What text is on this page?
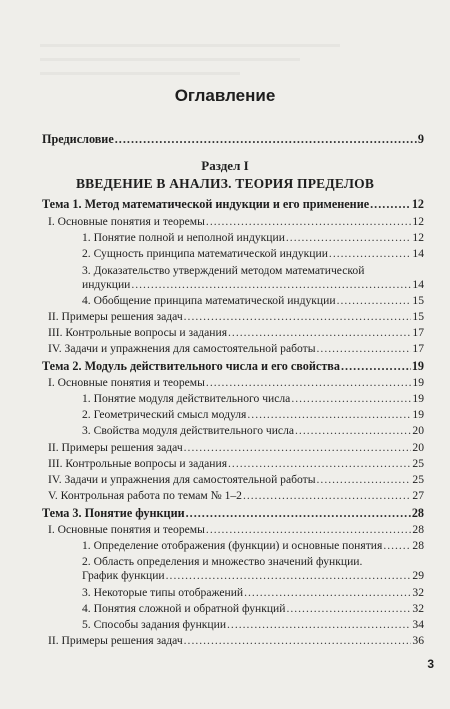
Оглавление
Предисловие .....	9
Раздел I
ВВЕДЕНИЕ В АНАЛИЗ. ТЕОРИЯ ПРЕДЕЛОВ
Тема 1. Метод математической индукции и его применение .....	12
I. Основные понятия и теоремы .....	12
1. Понятие полной и неполной индукции .....	12
2. Сущность принципа математической индукции .....	14
3. Доказательство утверждений методом математической
индукции .....	14
4. Обобщение принципа математической индукции .....	15
II. Примеры решения задач .....	15
III. Контрольные вопросы и задания .....	17
IV. Задачи и упражнения для самостоятельной работы .....	17
Тема 2. Модуль действительного числа и его свойства .....	19
I. Основные понятия и теоремы .....	19
1. Понятие модуля действительного числа .....	19
2. Геометрический смысл модуля .....	19
3. Свойства модуля действительного числа .....	20
II. Примеры решения задач .....	20
III. Контрольные вопросы и задания .....	25
IV. Задачи и упражнения для самостоятельной работы .....	25
V. Контрольная работа по темам № 1–2 .....	27
Тема 3. Понятие функции .....	28
I. Основные понятия и теоремы .....	28
1. Определение отображения (функции) и основные понятия .....	28
2. Область определения и множество значений функции.
График функции .....	29
3. Некоторые типы отображений .....	32
4. Понятия сложной и обратной функций .....	32
5. Способы задания функции .....	34
II. Примеры решения задач .....	36
3
